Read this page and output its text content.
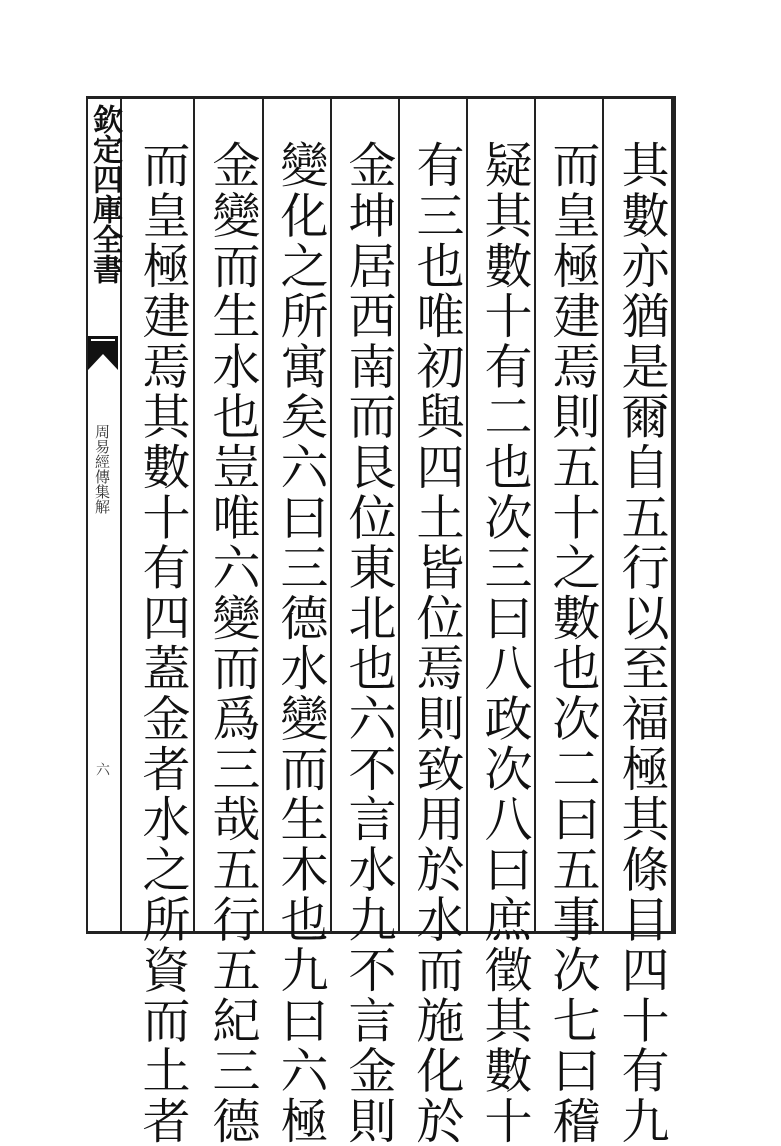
欽定四庫全書
周易經傳集解
六	其數亦猶是爾自五行以至福極其條目四十有九
而皇極建焉則五十之數也次二曰五事次七曰稽
疑其數十有二也次三曰八政次八曰庶徵其數十
有三也唯初與四土皆位焉則致用於水而施化於
金坤居西南而艮位東北也六不言水九不言金則
變化之所寓矣六曰三德水變而生木也九曰六極
金變而生水也豈唯六變而爲三哉五行五紀三德
而皇極建焉其數十有四蓋金者水之所資而土者
